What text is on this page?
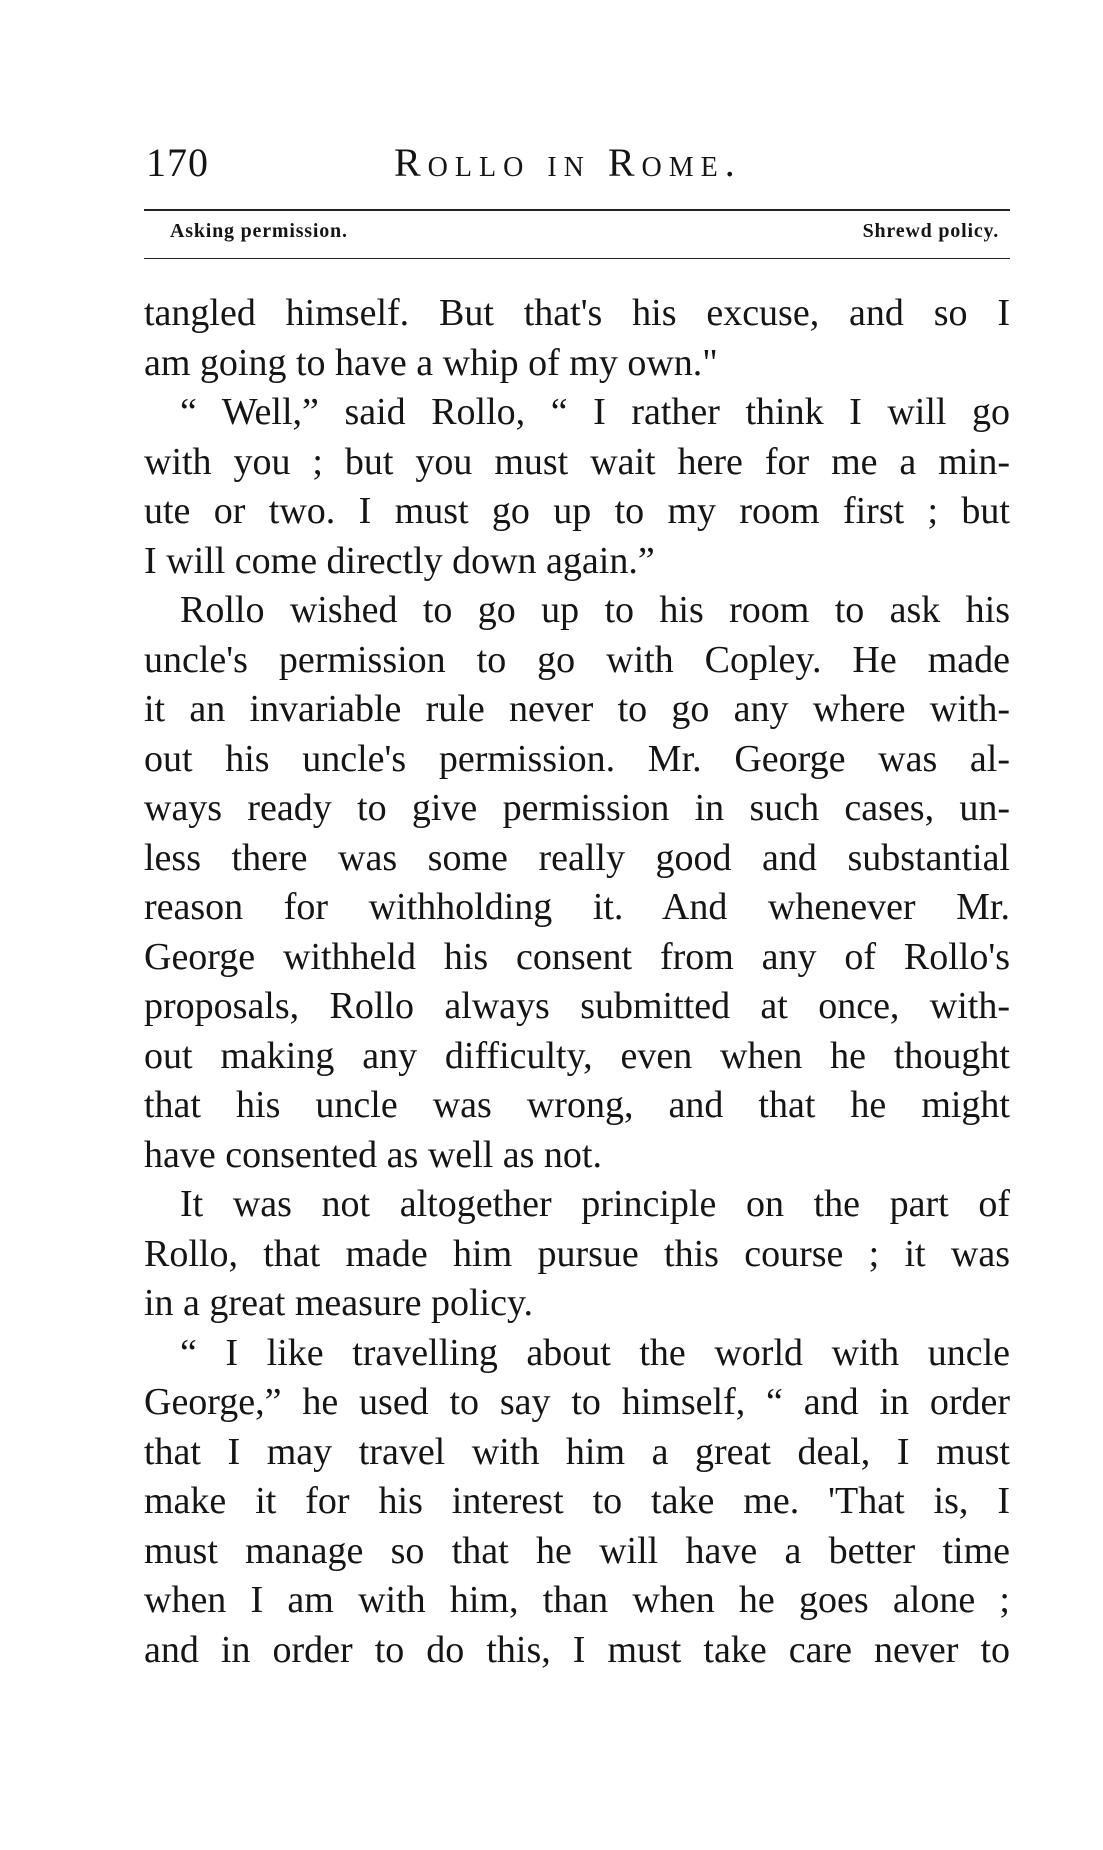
170	Rollo in Rome.
Asking permission.	Shrewd policy.
tangled himself. But that's his excuse, and so I
am going to have a whip of my own."
“ Well,” said Rollo, “ I rather think I will go
with you ; but you must wait here for me a min-
ute or two. I must go up to my room first ; but
I will come directly down again.”
Rollo wished to go up to his room to ask his
uncle's permission to go with Copley. He made
it an invariable rule never to go any where with-
out his uncle's permission. Mr. George was al-
ways ready to give permission in such cases, un-
less there was some really good and substantial
reason for withholding it. And whenever Mr.
George withheld his consent from any of Rollo's
proposals, Rollo always submitted at once, with-
out making any difficulty, even when he thought
that his uncle was wrong, and that he might
have consented as well as not.
It was not altogether principle on the part of
Rollo, that made him pursue this course ; it was
in a great measure policy.
“ I like travelling about the world with uncle
George,” he used to say to himself, “ and in order
that I may travel with him a great deal, I must
make it for his interest to take me. 'That is, I
must manage so that he will have a better time
when I am with him, than when he goes alone ;
and in order to do this, I must take care never to
